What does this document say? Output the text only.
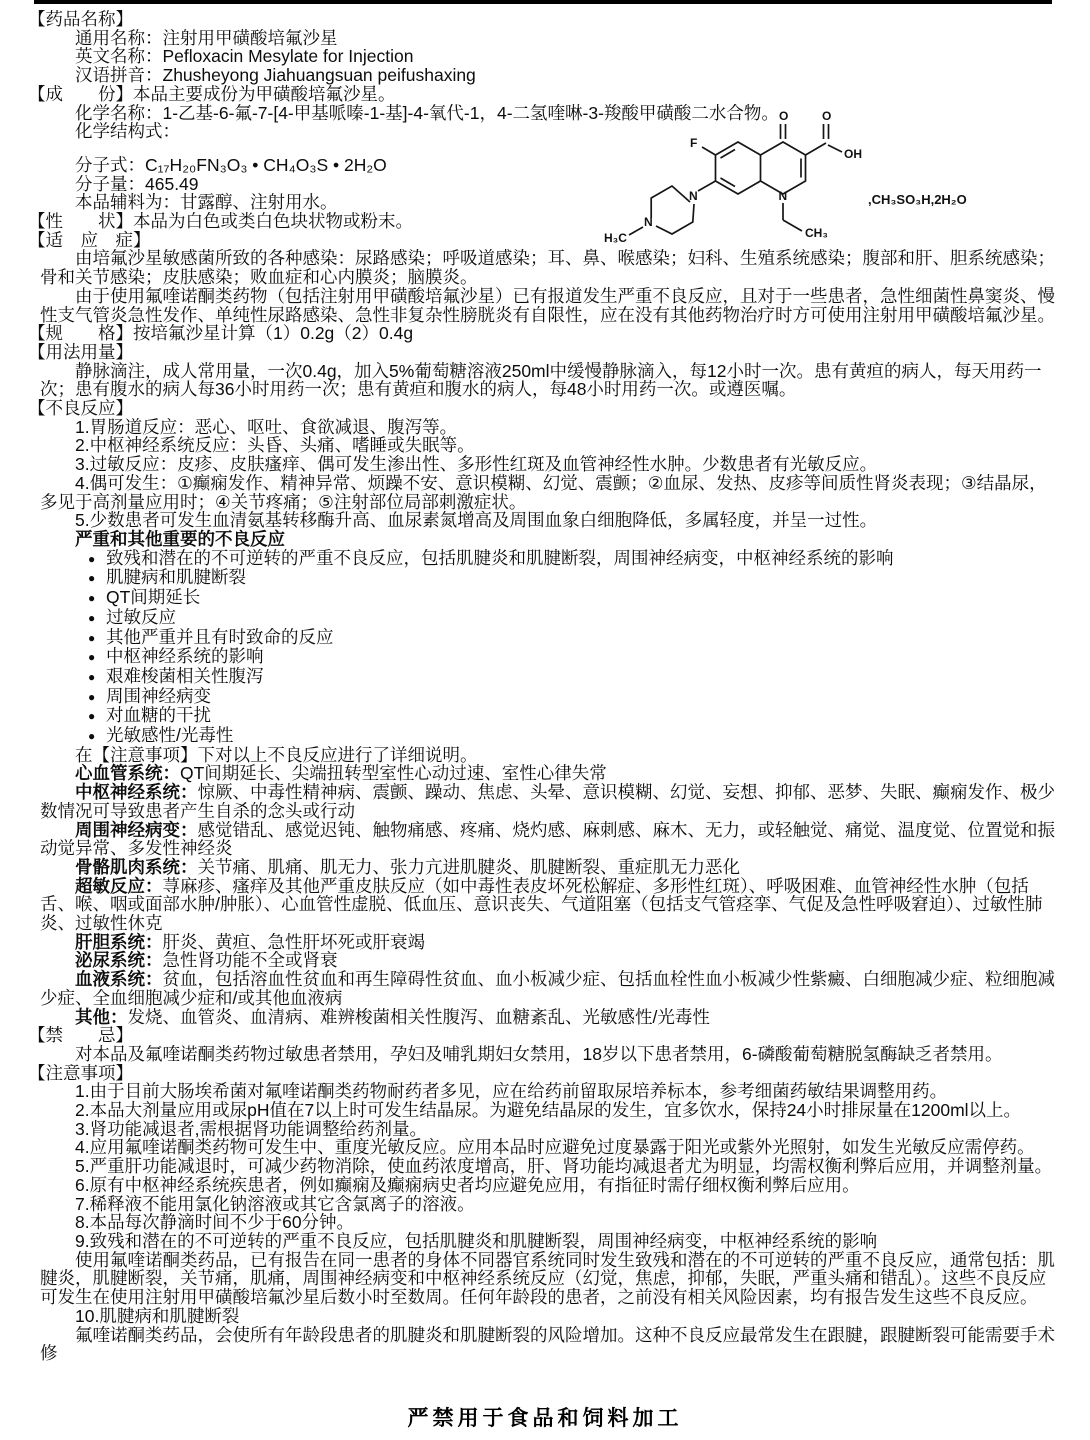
【药品名称】
通用名称：注射用甲磺酸培氟沙星
英文名称：Pefloxacin Mesylate for Injection
汉语拼音：Zhusheyong Jiahuangsuan peifushaxing
【成　　份】本品主要成份为甲磺酸培氟沙星。
化学名称：1-乙基-6-氟-7-[4-甲基哌嗪-1-基]-4-氧代-1，4-二氢喹啉-3-羧酸甲磺酸二水合物。
化学结构式：
分子式：C₁₇H₂₀FN₃O₃ • CH₄O₃S • 2H₂O
分子量：465.49
本品辅料为：甘露醇、注射用水。
【性　　状】本品为白色或类白色块状物或粉末。
【适　应　症】
由培氟沙星敏感菌所致的各种感染：尿路感染；呼吸道感染；耳、鼻、喉感染；妇科、生殖系统感染；腹部和肝、胆系统感染；骨和关节感染；皮肤感染；败血症和心内膜炎；脑膜炎。
由于使用氟喹诺酮类药物（包括注射用甲磺酸培氟沙星）已有报道发生严重不良反应，且对于一些患者，急性细菌性鼻窦炎、慢性支气管炎急性发作、单纯性尿路感染、急性非复杂性膀胱炎有自限性，应在没有其他药物治疗时方可使用注射用甲磺酸培氟沙星。
【规　　格】按培氟沙星计算（1）0.2g（2）0.4g
【用法用量】
静脉滴注，成人常用量，一次0.4g，加入5%葡萄糖溶液250ml中缓慢静脉滴入，每12小时一次。患有黄疸的病人，每天用药一次；患有腹水的病人每36小时用药一次；患有黄疸和腹水的病人，每48小时用药一次。或遵医嘱。
【不良反应】
1.胃肠道反应：恶心、呕吐、食欲减退、腹泻等。
2.中枢神经系统反应：头昏、头痛、嗜睡或失眠等。
3.过敏反应：皮疹、皮肤瘙痒、偶可发生渗出性、多形性红斑及血管神经性水肿。少数患者有光敏反应。
4.偶可发生：①癫痫发作、精神异常、烦躁不安、意识模糊、幻觉、震颤；②血尿、发热、皮疹等间质性肾炎表现；③结晶尿，多见于高剂量应用时；④关节疼痛；⑤注射部位局部刺激症状。
5.少数患者可发生血清氨基转移酶升高、血尿素氮增高及周围血象白细胞降低，多属轻度，并呈一过性。
严重和其他重要的不良反应
● 致残和潜在的不可逆转的严重不良反应，包括肌腱炎和肌腱断裂，周围神经病变，中枢神经系统的影响
● 肌腱病和肌腱断裂
● QT间期延长
● 过敏反应
● 其他严重并且有时致命的反应
● 中枢神经系统的影响
● 艰难梭菌相关性腹泻
● 周围神经病变
● 对血糖的干扰
● 光敏感性/光毒性
在【注意事项】下对以上不良反应进行了详细说明。
心血管系统：QT间期延长、尖端扭转型室性心动过速、室性心律失常
中枢神经系统：惊厥、中毒性精神病、震颤、躁动、焦虑、头晕、意识模糊、幻觉、妄想、抑郁、恶梦、失眠、癫痫发作、极少数情况可导致患者产生自杀的念头或行动
周围神经病变：感觉错乱、感觉迟钝、触物痛感、疼痛、烧灼感、麻刺感、麻木、无力，或轻触觉、痛觉、温度觉、位置觉和振动觉异常、多发性神经炎
骨骼肌肉系统：关节痛、肌痛、肌无力、张力亢进肌腱炎、肌腱断裂、重症肌无力恶化
超敏反应：荨麻疹、瘙痒及其他严重皮肤反应（如中毒性表皮坏死松解症、多形性红斑）、呼吸困难、血管神经性水肿（包括舌、喉、咽或面部水肿/肿胀）、心血管性虚脱、低血压、意识丧失、气道阻塞（包括支气管痉挛、气促及急性呼吸窘迫）、过敏性肺炎、过敏性休克
肝胆系统：肝炎、黄疸、急性肝坏死或肝衰竭
泌尿系统：急性肾功能不全或肾衰
血液系统：贫血，包括溶血性贫血和再生障碍性贫血、血小板减少症、包括血栓性血小板减少性紫癜、白细胞减少症、粒细胞减少症、全血细胞减少症和/或其他血液病
其他：发烧、血管炎、血清病、难辨梭菌相关性腹泻、血糖紊乱、光敏感性/光毒性
【禁　　忌】
对本品及氟喹诺酮类药物过敏患者禁用，孕妇及哺乳期妇女禁用，18岁以下患者禁用，6-磷酸葡萄糖脱氢酶缺乏者禁用。
【注意事项】
1.由于目前大肠埃希菌对氟喹诺酮类药物耐药者多见，应在给药前留取尿培养标本，参考细菌药敏结果调整用药。
2.本品大剂量应用或尿pH值在7以上时可发生结晶尿。为避免结晶尿的发生，宜多饮水，保持24小时排尿量在1200ml以上。
3.肾功能减退者,需根据肾功能调整给药剂量。
4.应用氟喹诺酮类药物可发生中、重度光敏反应。应用本品时应避免过度暴露于阳光或紫外光照射，如发生光敏反应需停药。
5.严重肝功能减退时，可减少药物消除，使血药浓度增高，肝、肾功能均减退者尤为明显，均需权衡利弊后应用，并调整剂量。
6.原有中枢神经系统疾患者，例如癫痫及癫痫病史者均应避免应用，有指征时需仔细权衡利弊后应用。
7.稀释液不能用氯化钠溶液或其它含氯离子的溶液。
8.本品每次静滴时间不少于60分钟。
9.致残和潜在的不可逆转的严重不良反应，包括肌腱炎和肌腱断裂，周围神经病变，中枢神经系统的影响
使用氟喹诺酮类药品，已有报告在同一患者的身体不同器官系统同时发生致残和潜在的不可逆转的严重不良反应，通常包括：肌腱炎，肌腱断裂，关节痛，肌痛，周围神经病变和中枢神经系统反应（幻觉，焦虑，抑郁，失眠，严重头痛和错乱）。这些不良反应可发生在使用注射用甲磺酸培氟沙星后数小时至数周。任何年龄段的患者，之前没有相关风险因素，均有报告发生这些不良反应。
10.肌腱病和肌腱断裂
氟喹诺酮类药品，会使所有年龄段患者的肌腱炎和肌腱断裂的风险增加。这种不良反应最常发生在跟腱，跟腱断裂可能需要手术修
O	O
OH
F
N
CH₃
N
N
H₃C
,CH₃SO₃H,2H₂O
严禁用于食品和饲料加工
